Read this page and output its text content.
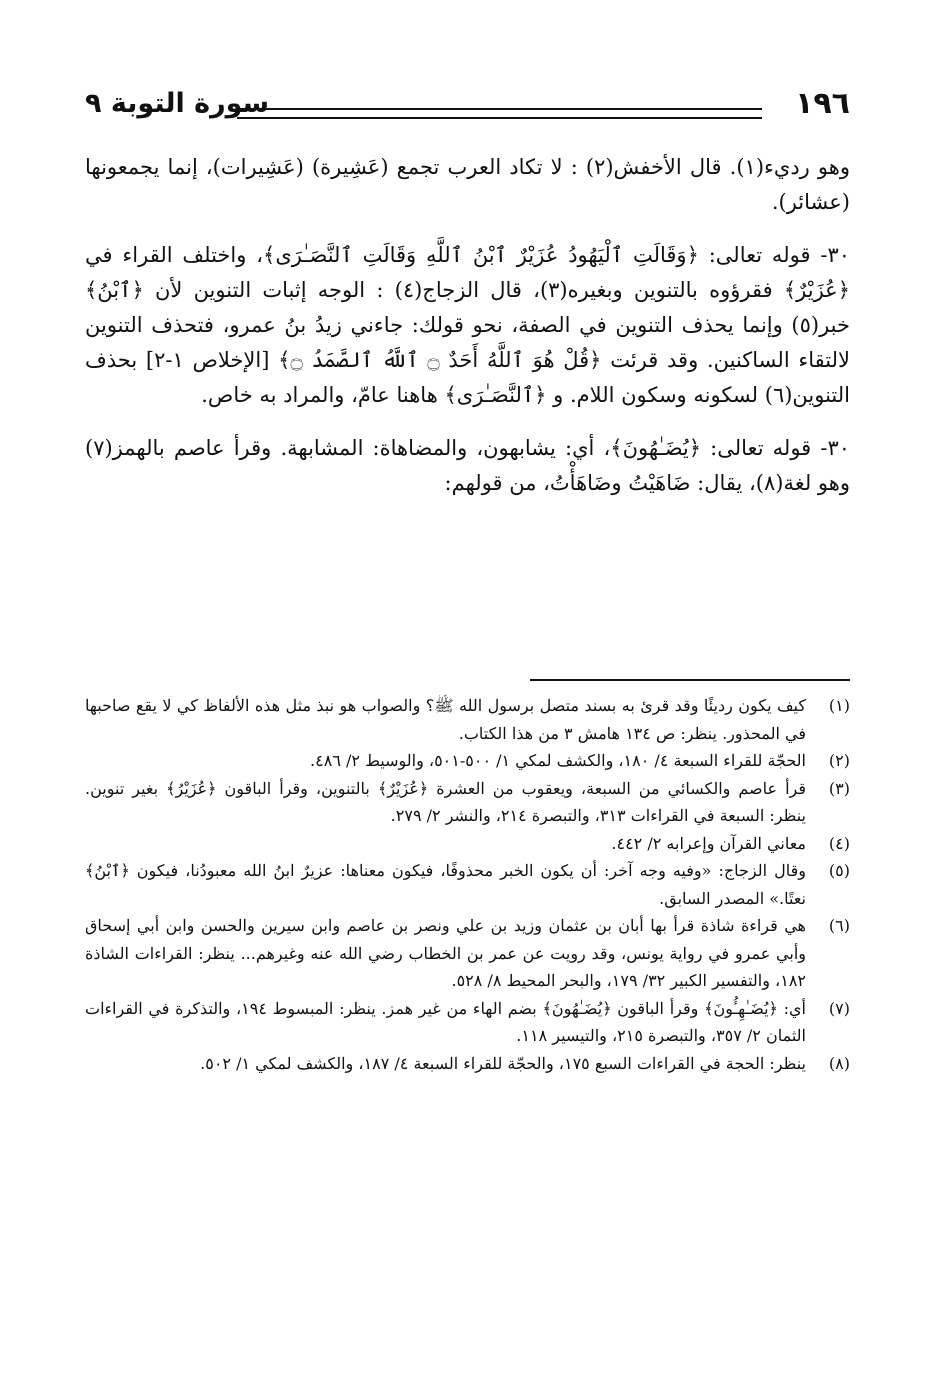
سورة التوبة ٩	١٩٦

وهو رديء(١). قال الأخفش(٢) : لا تكاد العرب تجمع (عَشِيرة) (عَشِيرات)، إنما يجمعونها (عشائر).

٣٠- قوله تعالى: ﴿وَقَالَتِ ٱلْيَهُودُ عُزَيْرٌ ٱبْنُ ٱللَّهِ وَقَالَتِ ٱلنَّصَـٰرَى﴾، واختلف القراء في ﴿عُزَيْرٌ﴾ فقرؤوه بالتنوين وبغيره(٣)، قال الزجاج(٤) : الوجه إثبات التنوين لأن ﴿ٱبْنُ﴾ خبر(٥) وإنما يحذف التنوين في الصفة، نحو قولك: جاءني زيدُ بنُ عمرو، فتحذف التنوين لالتقاء الساكنين. وقد قرئت ﴿قُلْ هُوَ ٱللَّهُ أَحَدٌ ۝ ٱللَّهُ ٱلصَّمَدُ ۝﴾ [الإخلاص ١-٢] بحذف التنوين(٦) لسكونه وسكون اللام. و ﴿ٱلنَّصَـٰرَى﴾ هاهنا عامّ، والمراد به خاص.

٣٠- قوله تعالى: ﴿يُضَـٰهُونَ﴾، أي: يشابهون، والمضاهاة: المشابهة. وقرأ عاصم بالهمز(٧) وهو لغة(٨)، يقال: ضَاهَيْتُ وضَاهَأْتُ، من قولهم:

(١)
كيف يكون رديئًا وقد قرئ به بسند متصل برسول الله ﷺ؟ والصواب هو نبذ مثل هذه الألفاظ كي لا يقع صاحبها في المحذور. ينظر: ص ١٣٤ هامش ٣ من هذا الكتاب.
(٢)
الحجّة للقراء السبعة ٤/ ١٨٠، والكشف لمكي ١/ ٥٠٠-٥٠١، والوسيط ٢/ ٤٨٦.
(٣)
قرأ عاصم والكسائي من السبعة، ويعقوب من العشرة ﴿عُزَيْرٌ﴾ بالتنوين، وقرأ الباقون ﴿عُزَيْرُ﴾ بغير تنوين. ينظر: السبعة في القراءات ٣١٣، والتبصرة ٢١٤، والنشر ٢/ ٢٧٩.
(٤)
معاني القرآن وإعرابه ٢/ ٤٤٢.
(٥)
وقال الزجاج: «وفيه وجه آخر: أن يكون الخبر محذوفًا، فيكون معناها: عزيرٌ ابنُ الله معبودُنا، فيكون ﴿ٱبْنُ﴾ نعتًا.» المصدر السابق.
(٦)
هي قراءة شاذة قرأ بها أبان بن عثمان وزيد بن علي ونصر بن عاصم وابن سيرين والحسن وابن أبي إسحاق وأبي عمرو في رواية يونس، وقد رويت عن عمر بن الخطاب رضي الله عنه وغيرهم... ينظر: القراءات الشاذة ١٨٢، والتفسير الكبير ٣٢/ ١٧٩، والبحر المحيط ٨/ ٥٢٨.
(٧)
أي: ﴿يُضَـٰهِـُٔونَ﴾ وقرأ الباقون ﴿يُضَـٰهُونَ﴾ بضم الهاء من غير همز. ينظر: المبسوط ١٩٤، والتذكرة في القراءات الثمان ٢/ ٣٥٧، والتبصرة ٢١٥، والتيسير ١١٨.
(٨)
ينظر: الحجة في القراءات السبع ١٧٥، والحجّة للقراء السبعة ٤/ ١٨٧، والكشف لمكي ١/ ٥٠٢.
